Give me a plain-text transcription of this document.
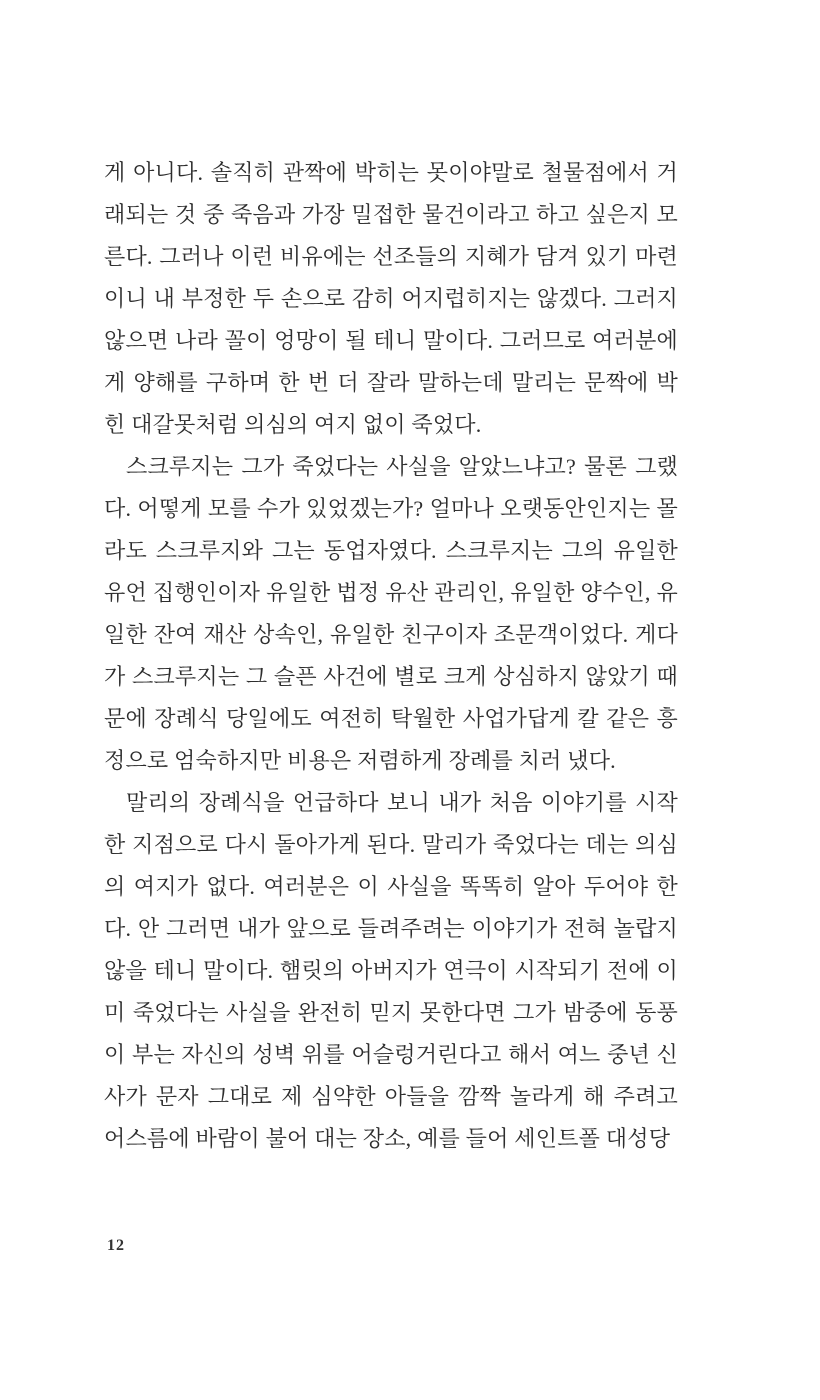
게 아니다. 솔직히 관짝에 박히는 못이야말로 철물점에서 거
래되는 것 중 죽음과 가장 밀접한 물건이라고 하고 싶은지 모
른다. 그러나 이런 비유에는 선조들의 지혜가 담겨 있기 마련
이니 내 부정한 두 손으로 감히 어지럽히지는 않겠다. 그러지
않으면 나라 꼴이 엉망이 될 테니 말이다. 그러므로 여러분에
게 양해를 구하며 한 번 더 잘라 말하는데 말리는 문짝에 박
힌 대갈못처럼 의심의 여지 없이 죽었다.
스크루지는 그가 죽었다는 사실을 알았느냐고? 물론 그랬
다. 어떻게 모를 수가 있었겠는가? 얼마나 오랫동안인지는 몰
라도 스크루지와 그는 동업자였다. 스크루지는 그의 유일한
유언 집행인이자 유일한 법정 유산 관리인, 유일한 양수인, 유
일한 잔여 재산 상속인, 유일한 친구이자 조문객이었다. 게다
가 스크루지는 그 슬픈 사건에 별로 크게 상심하지 않았기 때
문에 장례식 당일에도 여전히 탁월한 사업가답게 칼 같은 흥
정으로 엄숙하지만 비용은 저렴하게 장례를 치러 냈다.
말리의 장례식을 언급하다 보니 내가 처음 이야기를 시작
한 지점으로 다시 돌아가게 된다. 말리가 죽었다는 데는 의심
의 여지가 없다. 여러분은 이 사실을 똑똑히 알아 두어야 한
다. 안 그러면 내가 앞으로 들려주려는 이야기가 전혀 놀랍지
않을 테니 말이다. 햄릿의 아버지가 연극이 시작되기 전에 이
미 죽었다는 사실을 완전히 믿지 못한다면 그가 밤중에 동풍
이 부는 자신의 성벽 위를 어슬렁거린다고 해서 여느 중년 신
사가 문자 그대로 제 심약한 아들을 깜짝 놀라게 해 주려고
어스름에 바람이 불어 대는 장소, 예를 들어 세인트폴 대성당
12
